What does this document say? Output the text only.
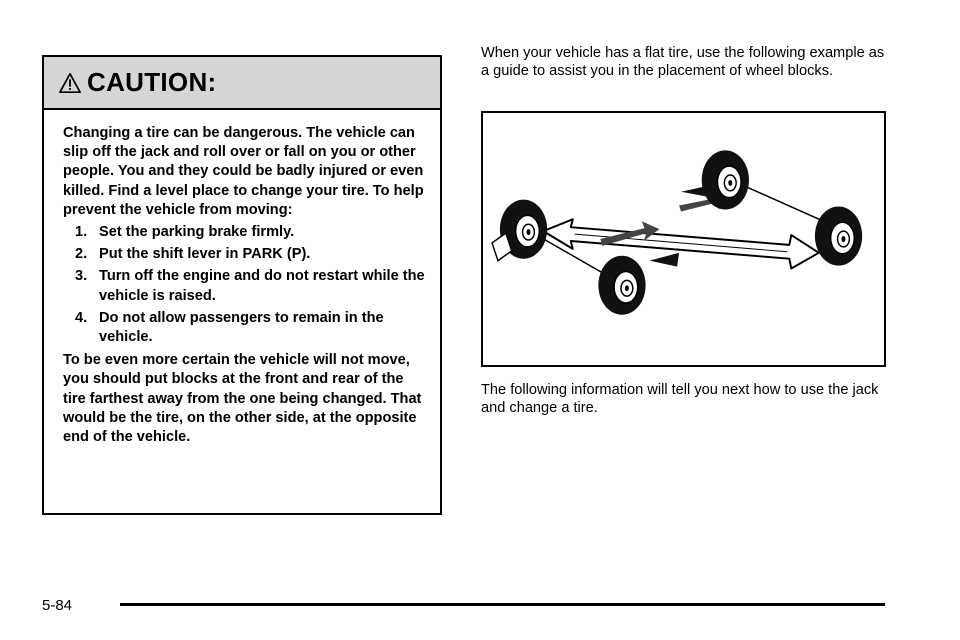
CAUTION:

Changing a tire can be dangerous. The vehicle can slip off the jack and roll over or fall on you or other people. You and they could be badly injured or even killed. Find a level place to change your tire. To help prevent the vehicle from moving:

1. Set the parking brake firmly.
2. Put the shift lever in PARK (P).
3. Turn off the engine and do not restart while the vehicle is raised.
4. Do not allow passengers to remain in the vehicle.

To be even more certain the vehicle will not move, you should put blocks at the front and rear of the tire farthest away from the one being changed. That would be the tire, on the other side, at the opposite end of the vehicle.

When your vehicle has a flat tire, use the following example as a guide to assist you in the placement of wheel blocks.

The following information will tell you next how to use the jack and change a tire.

5-84
